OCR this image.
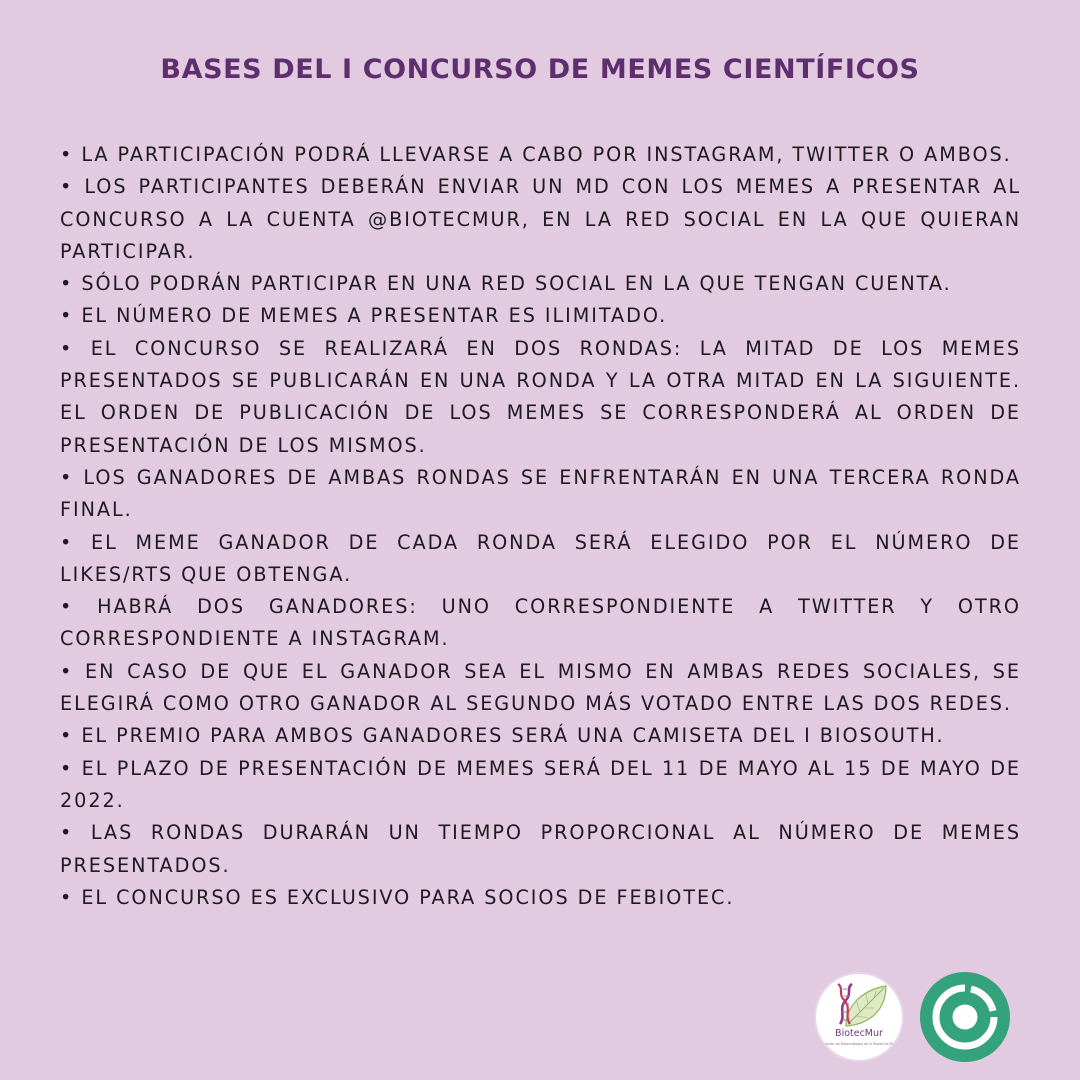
BASES DEL I CONCURSO DE MEMES CIENTÍFICOS
• LA PARTICIPACIÓN PODRÁ LLEVARSE A CABO POR INSTAGRAM, TWITTER O AMBOS.
• LOS PARTICIPANTES DEBERÁN ENVIAR UN MD CON LOS MEMES A PRESENTAR AL CONCURSO A LA CUENTA @BIOTECMUR, EN LA RED SOCIAL EN LA QUE QUIERAN PARTICIPAR.
• SÓLO PODRÁN PARTICIPAR EN UNA RED SOCIAL EN LA QUE TENGAN CUENTA.
• EL NÚMERO DE MEMES A PRESENTAR ES ILIMITADO.
• EL CONCURSO SE REALIZARÁ EN DOS RONDAS: LA MITAD DE LOS MEMES PRESENTADOS SE PUBLICARÁN EN UNA RONDA Y LA OTRA MITAD EN LA SIGUIENTE. EL ORDEN DE PUBLICACIÓN DE LOS MEMES SE CORRESPONDERÁ AL ORDEN DE PRESENTACIÓN DE LOS MISMOS.
• LOS GANADORES DE AMBAS RONDAS SE ENFRENTARÁN EN UNA TERCERA RONDA FINAL.
• EL MEME GANADOR DE CADA RONDA SERÁ ELEGIDO POR EL NÚMERO DE LIKES/RTS QUE OBTENGA.
• HABRÁ DOS GANADORES: UNO CORRESPONDIENTE A TWITTER Y OTRO CORRESPONDIENTE A INSTAGRAM.
• EN CASO DE QUE EL GANADOR SEA EL MISMO EN AMBAS REDES SOCIALES, SE ELEGIRÁ COMO OTRO GANADOR AL SEGUNDO MÁS VOTADO ENTRE LAS DOS REDES.
• EL PREMIO PARA AMBOS GANADORES SERÁ UNA CAMISETA DEL I BIOSOUTH.
• EL PLAZO DE PRESENTACIÓN DE MEMES SERÁ DEL 11 DE MAYO AL 15 DE MAYO DE 2022.
• LAS RONDAS DURARÁN UN TIEMPO PROPORCIONAL AL NÚMERO DE MEMES PRESENTADOS.
• EL CONCURSO ES EXCLUSIVO PARA SOCIOS DE FEBIOTEC.
BiotecMur
Asociación de Biotecnólogos de la Región de Murcia
